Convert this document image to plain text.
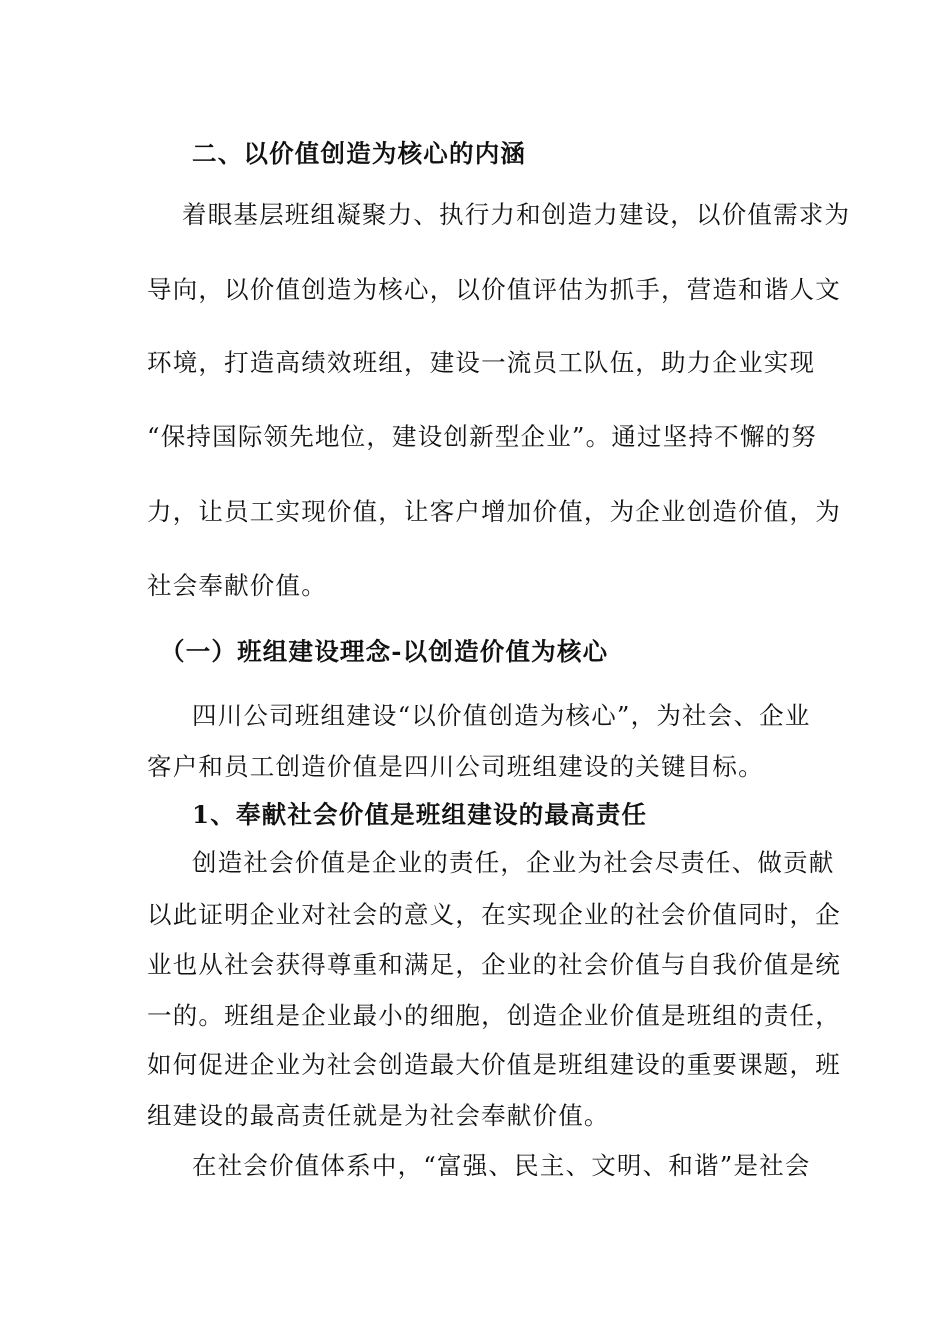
二、以价值创造为核心的内涵
着眼基层班组凝聚力、执行力和创造力建设，以价值需求为
导向，以价值创造为核心，以价值评估为抓手，营造和谐人文
环境，打造高绩效班组，建设一流员工队伍，助力企业实现
“保持国际领先地位，建设创新型企业”。通过坚持不懈的努
力，让员工实现价值，让客户增加价值，为企业创造价值，为
社会奉献价值。
（一）班组建设理念-以创造价值为核心
四川公司班组建设“以价值创造为核心”，为社会、企业
客户和员工创造价值是四川公司班组建设的关键目标。
1、奉献社会价值是班组建设的最高责任
创造社会价值是企业的责任，企业为社会尽责任、做贡献
以此证明企业对社会的意义，在实现企业的社会价值同时，企
业也从社会获得尊重和满足，企业的社会价值与自我价值是统
一的。班组是企业最小的细胞，创造企业价值是班组的责任，
如何促进企业为社会创造最大价值是班组建设的重要课题，班
组建设的最高责任就是为社会奉献价值。
在社会价值体系中，“富强、民主、文明、和谐”是社会
